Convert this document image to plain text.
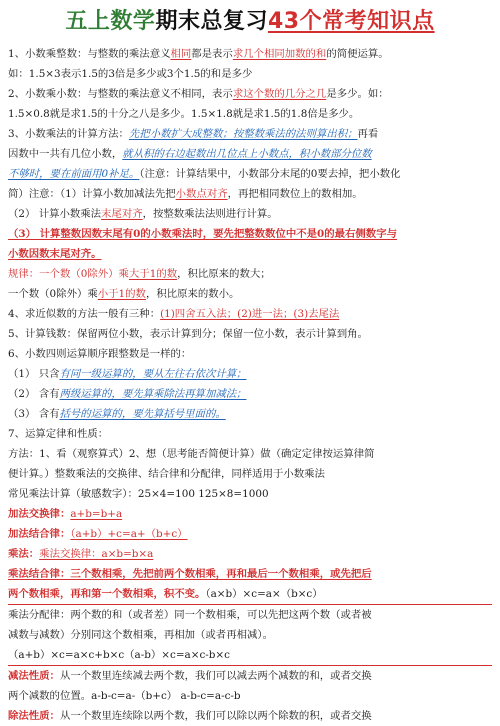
五上数学期末总复习43个常考知识点
1、小数乘整数：与整数的乘法意义相同都是表示求几个相同加数的和的简便运算。
如：1.5×3表示1.5的3倍是多少或3个1.5的和是多少
2、小数乘小数：与整数的乘法意义不相同，表示求这个数的几分之几是多少。如：
1.5×0.8就是求1.5的十分之八是多少。1.5×1.8就是求1.5的1.8倍是多少。
3、小数乘法的计算方法：先把小数扩大成整数；按整数乘法的法则算出积；再看
因数中一共有几位小数，就从积的右边起数出几位点上小数点，积小数部分位数
不够时，要在前面用0补足。（注意：计算结果中，小数部分末尾的0要去掉，把小数化
简）注意：（1）计算小数加减法先把小数点对齐，再把相同数位上的数相加。
（2） 计算小数乘法末尾对齐，按整数乘法法则进行计算。
（3） 计算整数因数末尾有0的小数乘法时，要先把整数数位中不是0的最右侧数字与
小数因数末尾对齐。
规律：一个数（0除外）乘大于1的数，积比原来的数大；
一个数（0除外）乘小于1的数，积比原来的数小。
4、求近似数的方法一般有三种：(1)四舍五入法；(2)进一法；(3)去尾法
5、计算钱数：保留两位小数，表示计算到分；保留一位小数，表示计算到角。
6、小数四则运算顺序跟整数是一样的：
（1） 只含有同一级运算的，要从左往右依次计算；
（2） 含有两级运算的，要先算乘除法再算加减法；
（3） 含有括号的运算的，要先算括号里面的。
7、运算定律和性质：
方法：1、看（观察算式）2、想（思考能否简便计算）做（确定定律按运算律简
便计算。）整数乘法的交换律、结合律和分配律，同样适用于小数乘法
常见乘法计算（敏感数字）：25×4=100 125×8=1000
加法交换律：a+b=b+a
加法结合律：（a+b）+c=a+（b+c）
乘法：乘法交换律：a×b=b×a
乘法结合律：三个数相乘，先把前两个数相乘，再和最后一个数相乘，或先把后
两个数相乘，再和第一个数相乘，积不变。（a×b）×c=a×（b×c）
乘法分配律：两个数的和（或者差）同一个数相乘，可以先把这两个数（或者被
减数与减数）分别同这个数相乘，再相加（或者再相减）。
（a+b）×c=a×c+b×c（a-b）×c=a×c-b×c
减法性质：从一个数里连续减去两个数，我们可以减去两个减数的和，或者交换
两个减数的位置。a-b-c=a-（b+c） a-b-c=a-c-b
除法性质：从一个数里连续除以两个数，我们可以除以两个除数的积，或者交换
